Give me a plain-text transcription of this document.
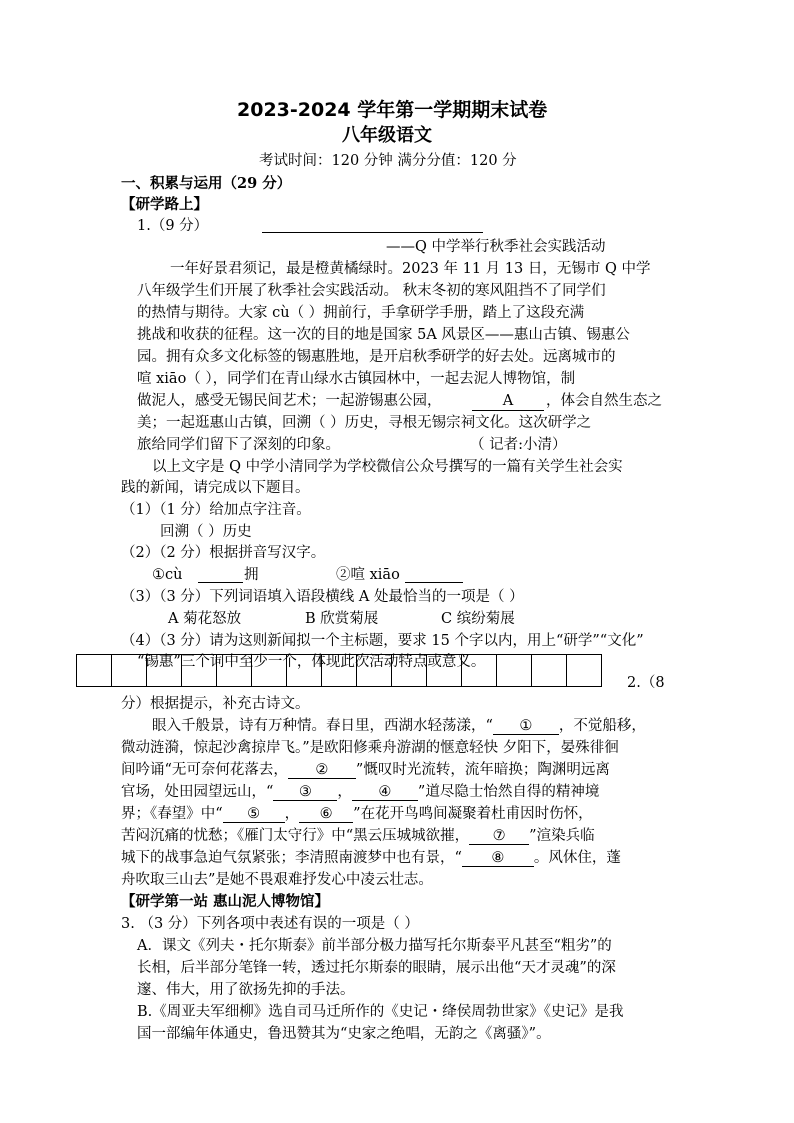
2023-2024 学年第一学期期末试卷
八年级语文
考试时间：120 分钟 满分分值：120 分
一、积累与运用（29 分）
【研学路上】
1.（9 分）
——Q 中学举行秋季社会实践活动
一年好景君须记，最是橙黄橘绿时。2023 年 11 月 13 日，无锡市 Q 中学
八年级学生们开展了秋季社会实践活动。 秋末冬初的寒风阻挡不了同学们
的热情与期待。大家 cù（ ）拥前行，手拿研学手册，踏上了这段充满
挑战和收获的征程。这一次的目的地是国家 5A 风景区——惠山古镇、锡惠公
园。拥有众多文化标签的锡惠胜地，是开启秋季研学的好去处。远离城市的
喧 xiāo（ ），同学们在青山绿水古镇园林中，一起去泥人博物馆，制
做泥人，感受无锡民间艺术；一起游锡惠公园，	A	，体会自然生态之
美；一起逛惠山古镇，回溯（ ）历史，寻根无锡宗祠文化。这次研学之
旅给同学们留下了深刻的印象。	（ 记者:小清）
以上文字是 Q 中学小清同学为学校微信公众号撰写的一篇有关学生社会实
践的新闻，请完成以下题目。
（1）（1 分）给加点字注音。
回溯（ ）历史
（2）（2 分）根据拼音写汉字。
①cù	拥	②喧 xiāo
（3）（3 分）下列词语填入语段横线 A 处最恰当的一项是（ ）
A 菊花怒放	B 欣赏菊展	C 缤纷菊展
（4）（3 分）请为这则新闻拟一个主标题，要求 15 个字以内，用上“研学”“文化”
“锡惠”三个词中至少一个，体现此次活动特点或意义。
2.（8
分）根据提示，补充古诗文。
眼入千般景，诗有万种情。春日里，西湖水轻荡漾，“ ① ，不觉船移，
微动涟漪，惊起沙禽掠岸飞。”是欧阳修乘舟游湖的惬意轻快 夕阳下，晏殊徘徊
间吟诵“无可奈何花落去， ② ”慨叹时光流转，流年暗换；陶渊明远离
官场，处田园望远山，“ ③ ， ④ ”道尽隐士怡然自得的精神境
界；《春望》中“ ⑤ ， ⑥ ”在花开鸟鸣间凝聚着杜甫因时伤怀，
苦闷沉痛的忧愁；《雁门太守行》中“黑云压城城欲摧， ⑦ ”渲染兵临
城下的战事急迫气氛紧张；李清照南渡梦中也有景，“ ⑧ 。风休住，蓬
舟吹取三山去”是她不畏艰难抒发心中凌云壮志。
【研学第一站 惠山泥人博物馆】
3. （3 分）下列各项中表述有误的一项是（ ）
A．课文《列夫・托尔斯泰》前半部分极力描写托尔斯泰平凡甚至“粗劣”的
长相，后半部分笔锋一转，透过托尔斯泰的眼睛，展示出他“天才灵魂”的深
邃、伟大，用了欲扬先抑的手法。
B.《周亚夫军细柳》选自司马迁所作的《史记・绛侯周勃世家》《史记》是我
国一部编年体通史，鲁迅赞其为“史家之绝唱，无韵之《离骚》”。
